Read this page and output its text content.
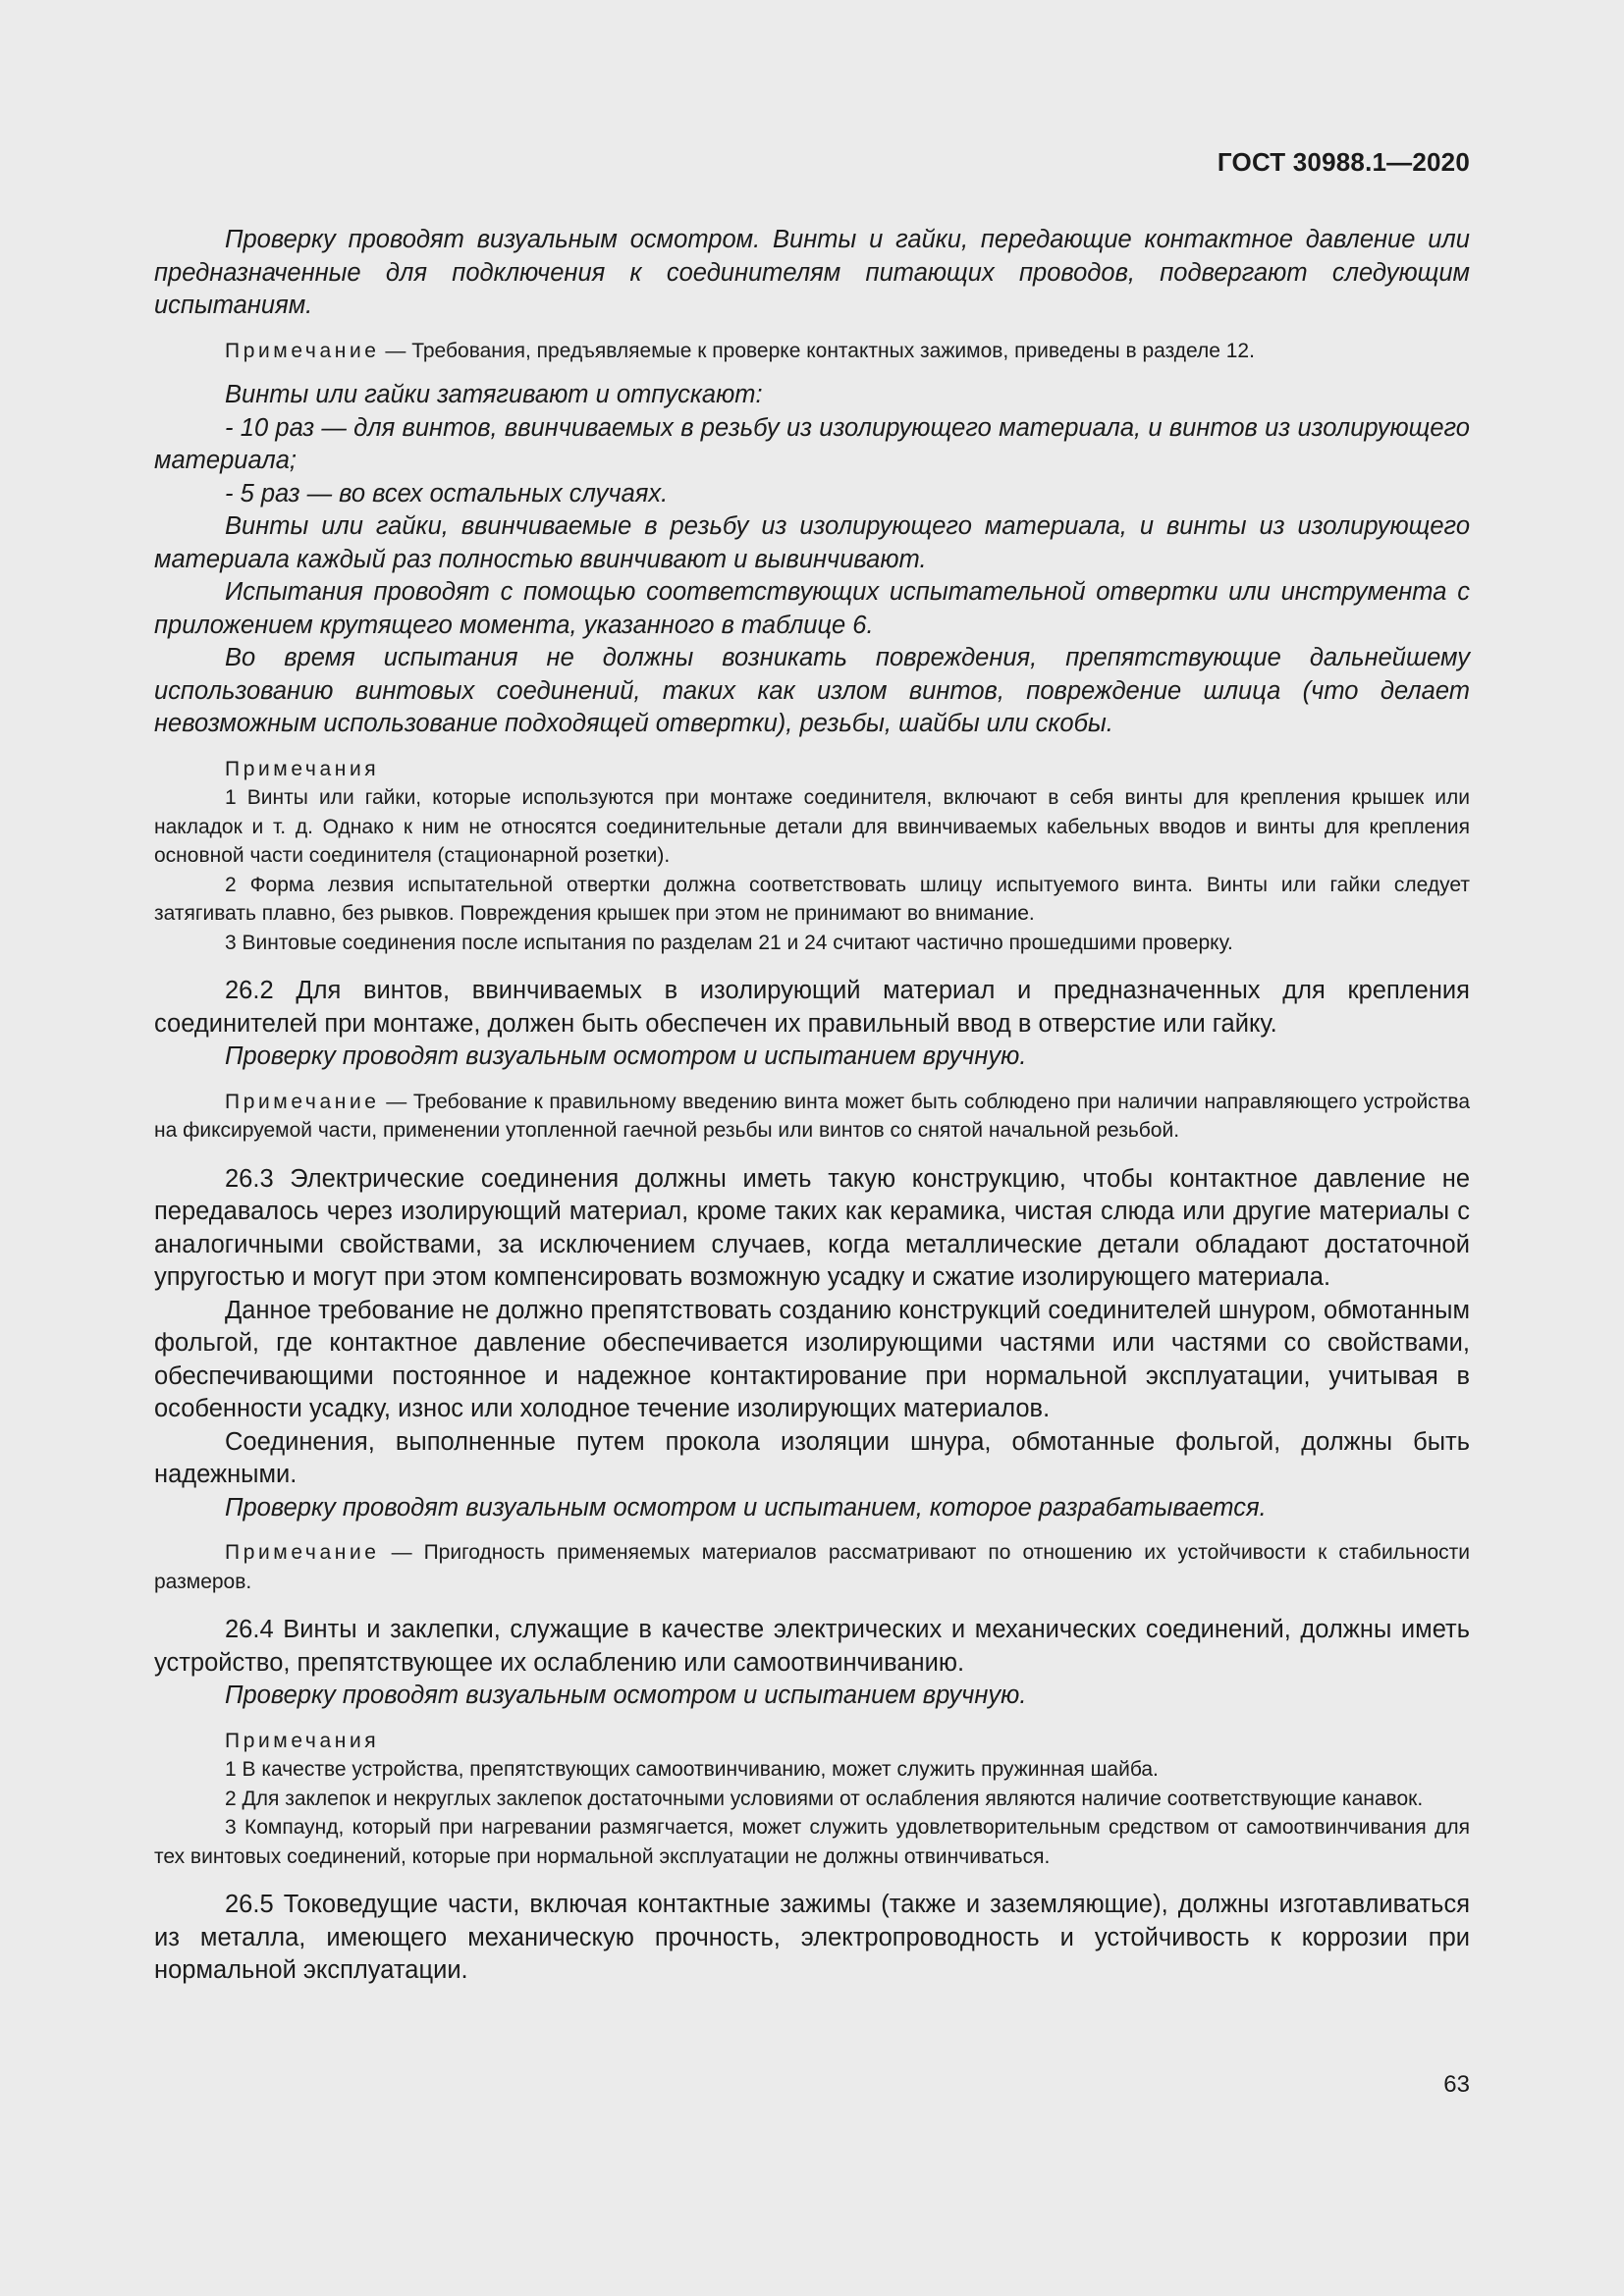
ГОСТ 30988.1—2020

Проверку проводят визуальным осмотром. Винты и гайки, передающие контактное давление или предназначенные для подключения к соединителям питающих проводов, подвергают следующим испытаниям.

Примечание — Требования, предъявляемые к проверке контактных зажимов, приведены в разделе 12.

Винты или гайки затягивают и отпускают:

- 10 раз — для винтов, ввинчиваемых в резьбу из изолирующего материала, и винтов из изолирующего материала;

- 5 раз — во всех остальных случаях.

Винты или гайки, ввинчиваемые в резьбу из изолирующего материала, и винты из изолирующего материала каждый раз полностью ввинчивают и вывинчивают.

Испытания проводят с помощью соответствующих испытательной отвертки или инструмента с приложением крутящего момента, указанного в таблице 6.

Во время испытания не должны возникать повреждения, препятствующие дальнейшему использованию винтовых соединений, таких как излом винтов, повреждение шлица (что делает невозможным использование подходящей отвертки), резьбы, шайбы или скобы.

Примечания

1 Винты или гайки, которые используются при монтаже соединителя, включают в себя винты для крепления крышек или накладок и т. д. Однако к ним не относятся соединительные детали для ввинчиваемых кабельных вводов и винты для крепления основной части соединителя (стационарной розетки).

2 Форма лезвия испытательной отвертки должна соответствовать шлицу испытуемого винта. Винты или гайки следует затягивать плавно, без рывков. Повреждения крышек при этом не принимают во внимание.

3 Винтовые соединения после испытания по разделам 21 и 24 считают частично прошедшими проверку.

26.2 Для винтов, ввинчиваемых в изолирующий материал и предназначенных для крепления соединителей при монтаже, должен быть обеспечен их правильный ввод в отверстие или гайку.

Проверку проводят визуальным осмотром и испытанием вручную.

Примечание — Требование к правильному введению винта может быть соблюдено при наличии направляющего устройства на фиксируемой части, применении утопленной гаечной резьбы или винтов со снятой начальной резьбой.

26.3 Электрические соединения должны иметь такую конструкцию, чтобы контактное давление не передавалось через изолирующий материал, кроме таких как керамика, чистая слюда или другие материалы с аналогичными свойствами, за исключением случаев, когда металлические детали обладают достаточной упругостью и могут при этом компенсировать возможную усадку и сжатие изолирующего материала.

Данное требование не должно препятствовать созданию конструкций соединителей шнуром, обмотанным фольгой, где контактное давление обеспечивается изолирующими частями или частями со свойствами, обеспечивающими постоянное и надежное контактирование при нормальной эксплуатации, учитывая в особенности усадку, износ или холодное течение изолирующих материалов.

Соединения, выполненные путем прокола изоляции шнура, обмотанные фольгой, должны быть надежными.

Проверку проводят визуальным осмотром и испытанием, которое разрабатывается.

Примечание — Пригодность применяемых материалов рассматривают по отношению их устойчивости к стабильности размеров.

26.4 Винты и заклепки, служащие в качестве электрических и механических соединений, должны иметь устройство, препятствующее их ослаблению или самоотвинчиванию.

Проверку проводят визуальным осмотром и испытанием вручную.

Примечания

1 В качестве устройства, препятствующих самоотвинчиванию, может служить пружинная шайба.

2 Для заклепок и некруглых заклепок достаточными условиями от ослабления являются наличие соответствующие канавок.

3 Компаунд, который при нагревании размягчается, может служить удовлетворительным средством от самоотвинчивания для тех винтовых соединений, которые при нормальной эксплуатации не должны отвинчиваться.

26.5 Токоведущие части, включая контактные зажимы (также и заземляющие), должны изготавливаться из металла, имеющего механическую прочность, электропроводность и устойчивость к коррозии при нормальной эксплуатации.

63
